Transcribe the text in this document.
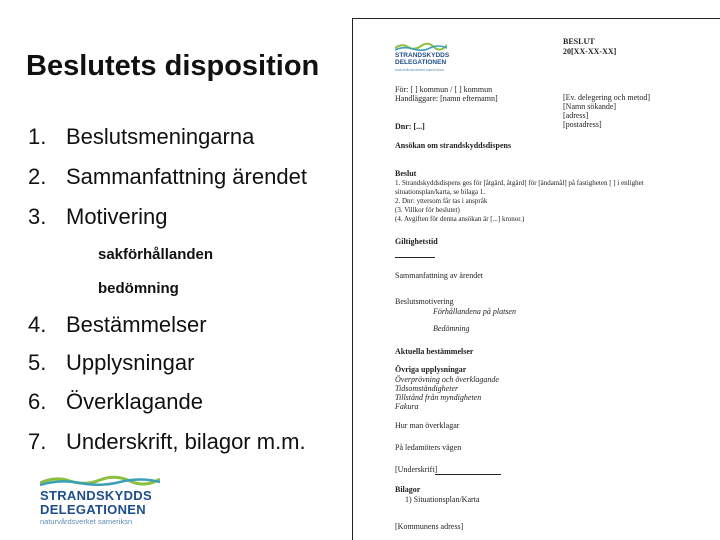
Beslutets disposition
1. Beslutsmeningarna
2. Sammanfattning ärendet
3. Motivering
sakförhållanden
bedömning
4. Bestämmelser
5. Upplysningar
6. Överklagande
7. Underskrift, bilagor m.m.
STRANDSKYDDS
DELEGATIONEN
naturvårdsverket sameriksn
STRANDSKYDDS
DELEGATIONEN
naturvårdsverket sameriksn
BESLUT
20[XX-XX-XX]
För: [ ] kommun / [ ] kommun
Handläggare: [namn efternamn]	[Ev. delegering och metod]
[Namn sökande]
[adress]
[postadress]
Dnr: [...]
Ansökan om strandskyddsdispens
Beslut
1. Strandskyddsdispens ges för [åtgärd, åtgärd] för [ändamål] på fastigheten [ ] i enlighet
situationsplan/karta, se bilaga 1.
2. Dnr: yttersom får tas i anspråk
(3. Villkor för beslutet)
(4. Avgiften för denna ansökan är [...] kronor.)
Giltighetstid
Sammanfattning av ärendet
Beslutsmotivering
Förhållandena på platsen
Bedömning
Aktuella bestämmelser
Övriga upplysningar
Överprövning och överklagande
Tidsomständigheter
Tillstånd från myndigheten
Fakura
Hur man överklagar
På ledamöters vägen
[Underskrift]
Bilagor
1) Situationsplan/Karta
[Kommunens adress]
